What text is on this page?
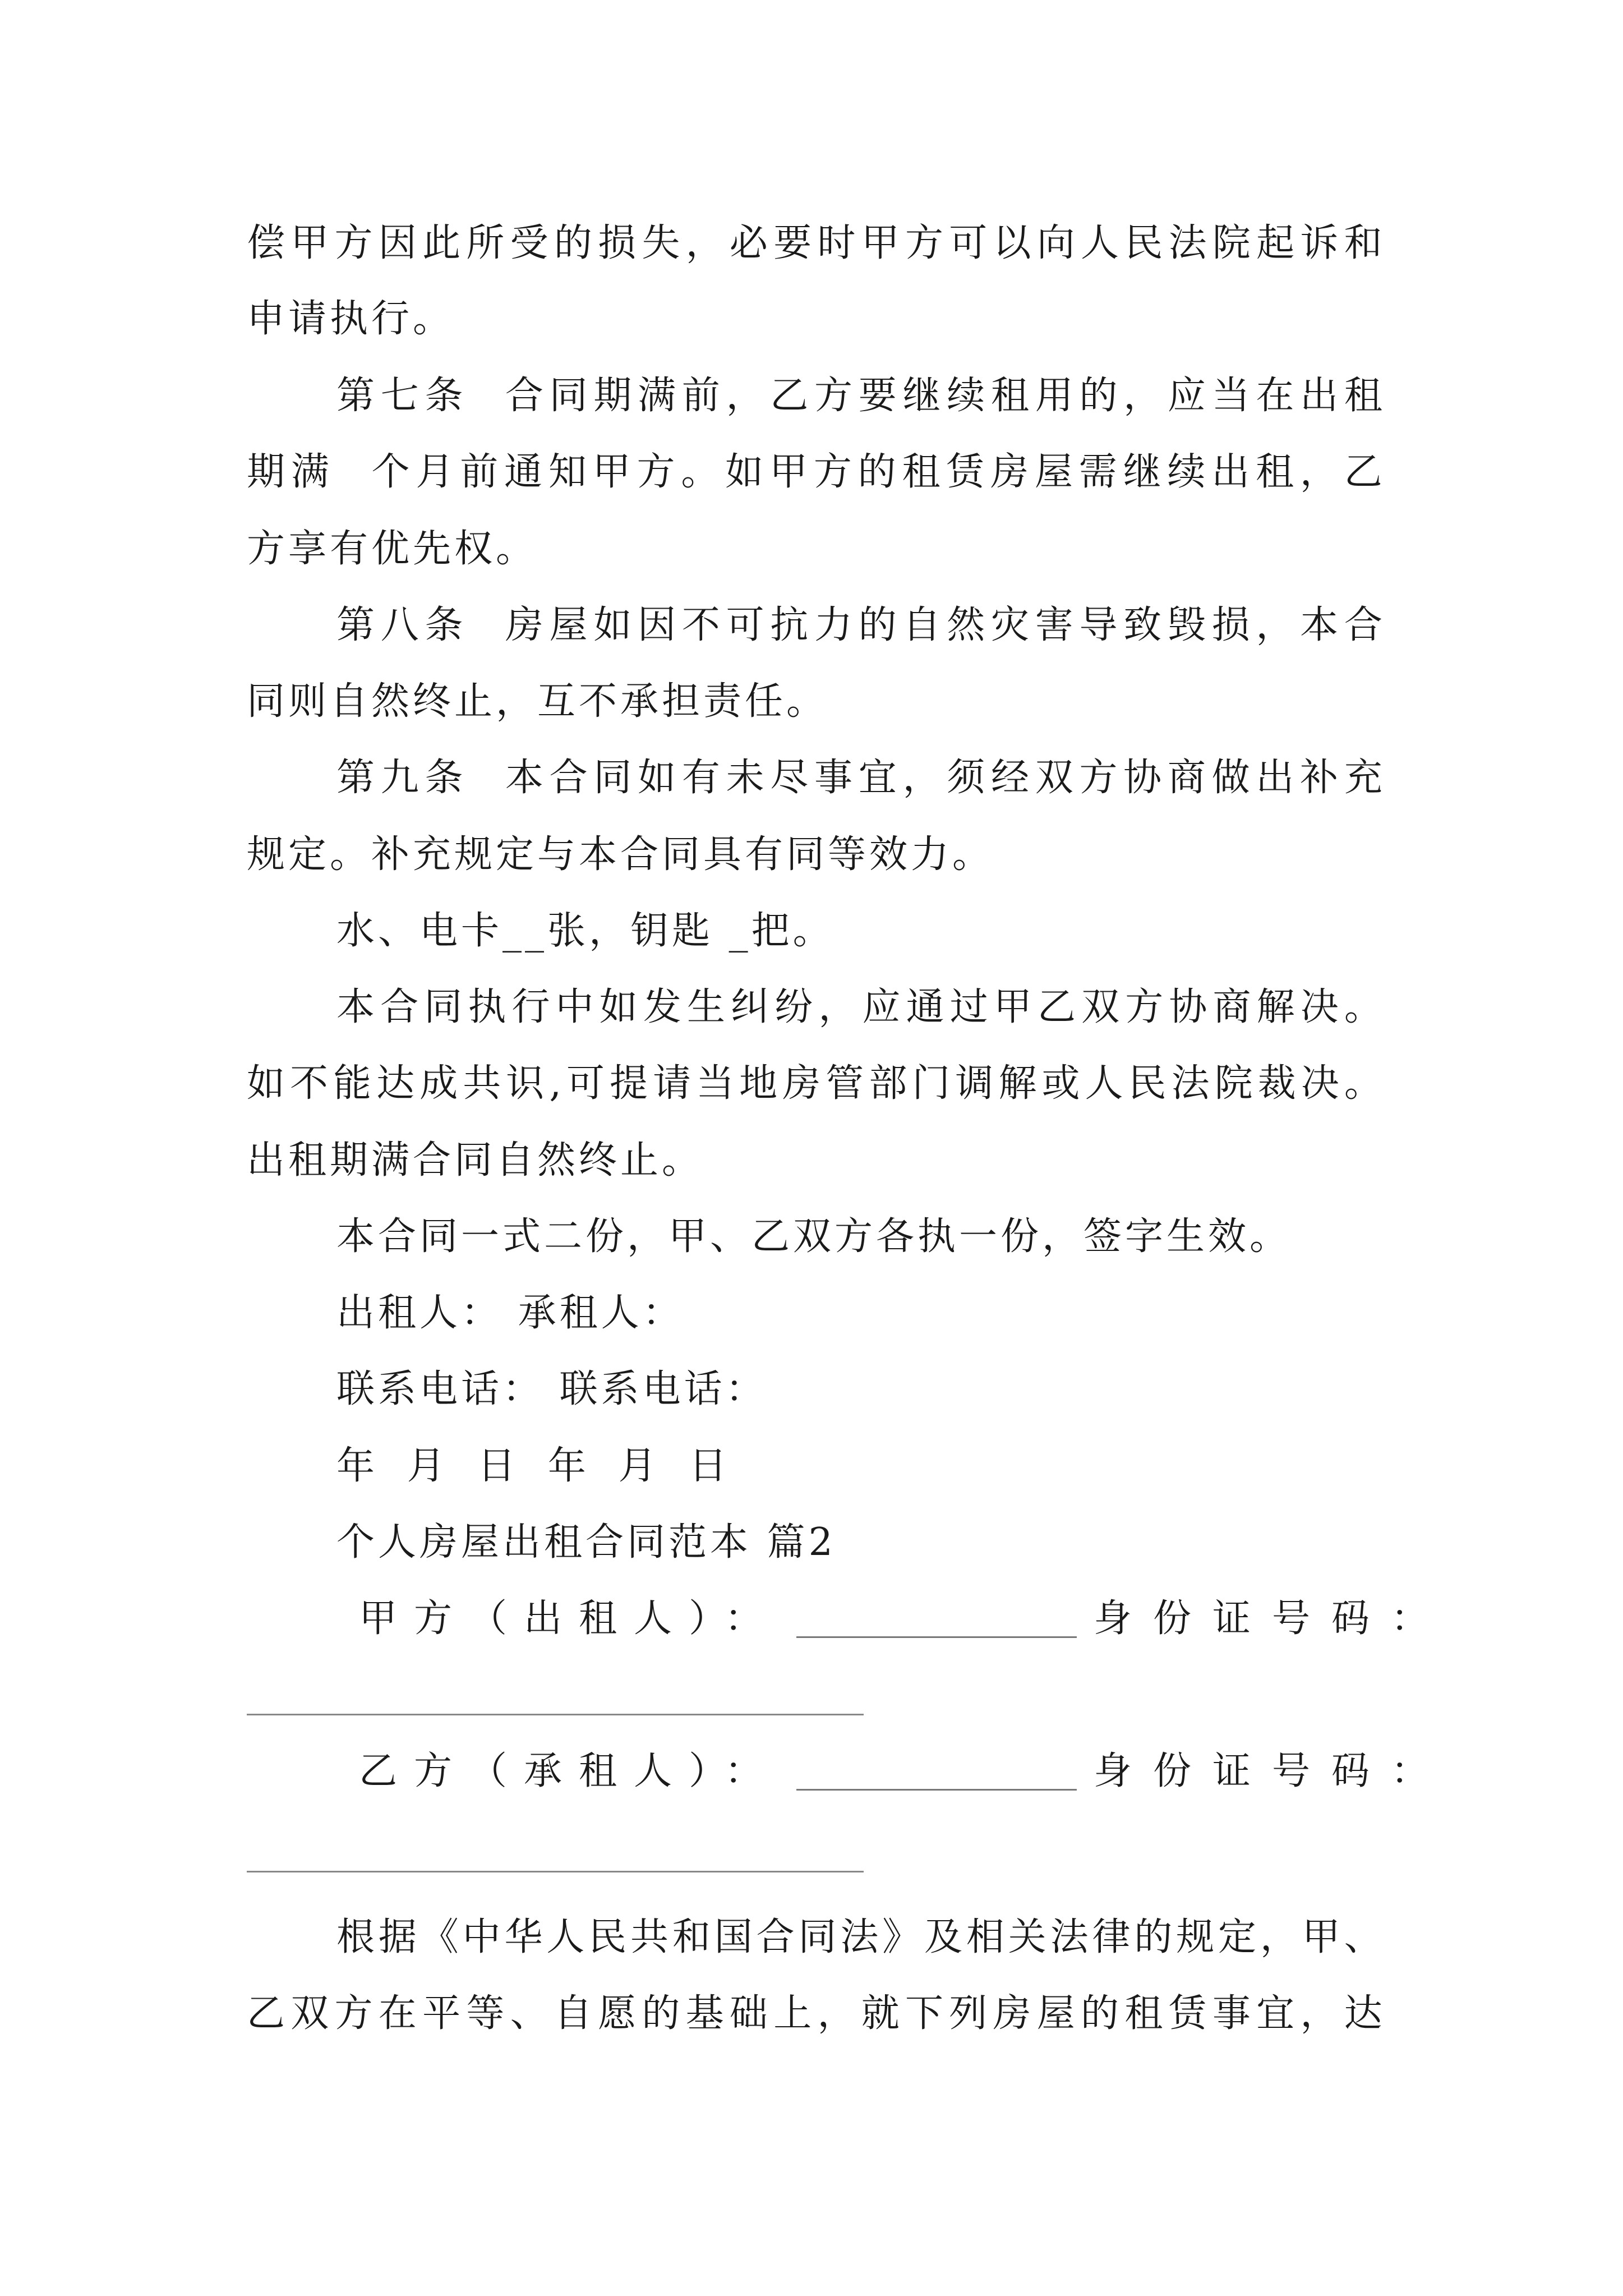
偿 甲 方 因 此 所 受 的 损 失 ， 必 要 时 甲 方 可 以 向 人 民 法 院 起 诉 和
申请执行。
第 七 条

合 同 期 满 前 ， 乙 方 要 继 续 租 用 的 ， 应 当 在 出 租
期 满

个 月 前 通 知 甲 方 。 如 甲 方 的 租 赁 房 屋 需 继 续 出 租 ， 乙
方享有优先权。
第 八 条

房 屋 如 因 不 可 抗 力 的 自 然 灾 害 导 致 毁 损 ， 本 合
同则自然终止，互不承担责任。
第 九 条

本 合 同 如 有 未 尽 事 宜 ， 须 经 双 方 协 商 做 出 补 充
规定。补充规定与本合同具有同等效力。
水、电卡__张，钥匙 _把。
本 合 同 执 行 中 如 发 生 纠 纷 ， 应 通 过 甲 乙 双 方 协 商 解 决 。
如 不 能 达 成 共 识 , 可 提 请 当 地 房 管 部 门 调 解 或 人 民 法 院 裁 决 。
出租期满合同自然终止。
本合同一式二份，甲、乙双方各执一份，签字生效。
出租人： 承租人：
联系电话： 联系电话：
年 月 日 年 月 日
个人房屋出租合同范本 篇2
甲方（出租人）：	身份证号码：
乙方（承租人）：	身份证号码：
根 据 《 中 华 人 民 共 和 国 合 同 法 》 及 相 关 法 律 的 规 定 ， 甲 、
乙 双 方 在 平 等 、 自 愿 的 基 础 上 ， 就 下 列 房 屋 的 租 赁 事 宜 ， 达
